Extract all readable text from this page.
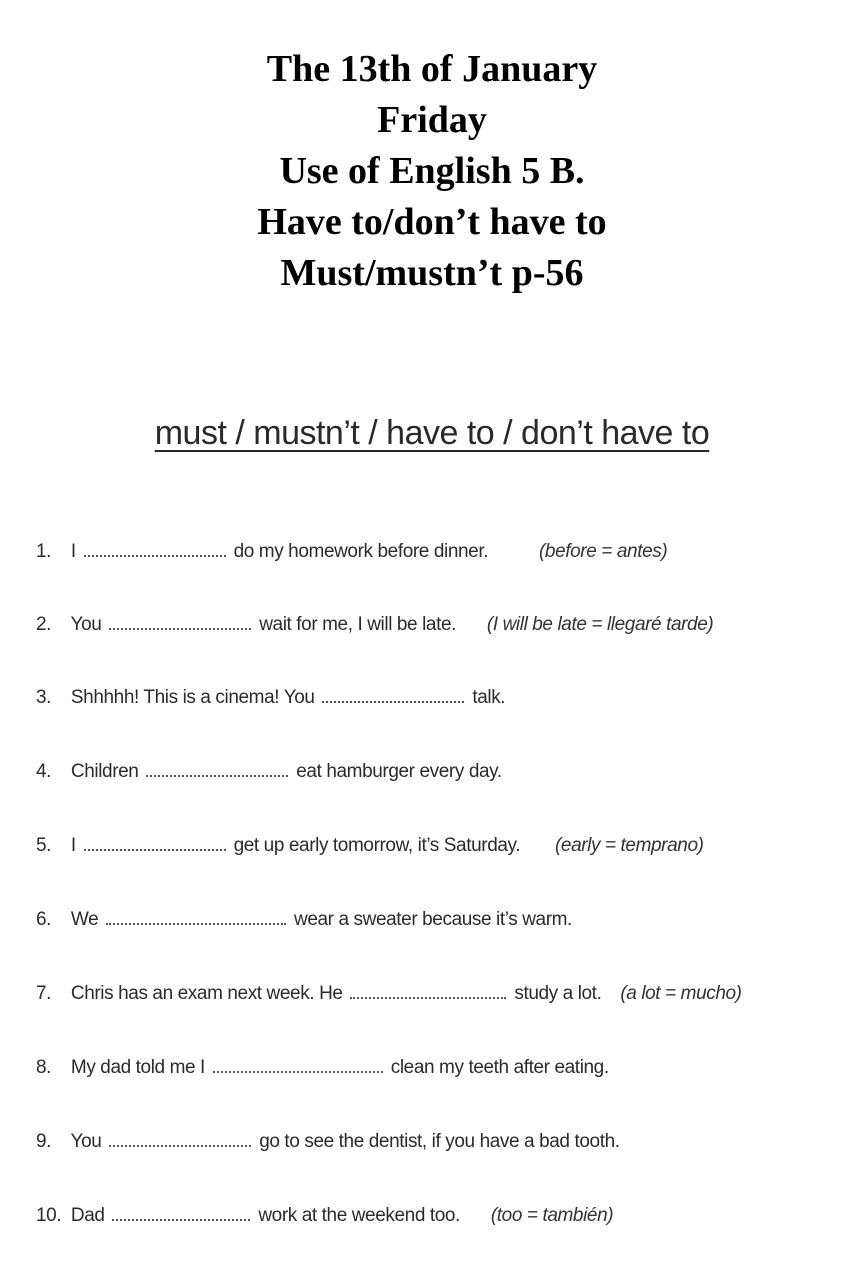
The 13th of January
Friday
Use of English 5 B.
Have to/don’t have to
Must/mustn’t p-56
must / mustn’t / have to / don’t have to
1. I	do my homework before dinner.	(before = antes)
2. You	wait for me, I will be late. (I will be late = llegaré tarde)
3. Shhhhh! This is a cinema! You	talk.
4. Children	eat hamburger every day.
5. I	get up early tomorrow, it’s Saturday. (early = temprano)
6. We	wear a sweater because it’s warm.
7. Chris has an exam next week. He	study a lot. (a lot = mucho)
8. My dad told me I	clean my teeth after eating.
9. You	go to see the dentist, if you have a bad tooth.
10. Dad	work at the weekend too. (too = también)
